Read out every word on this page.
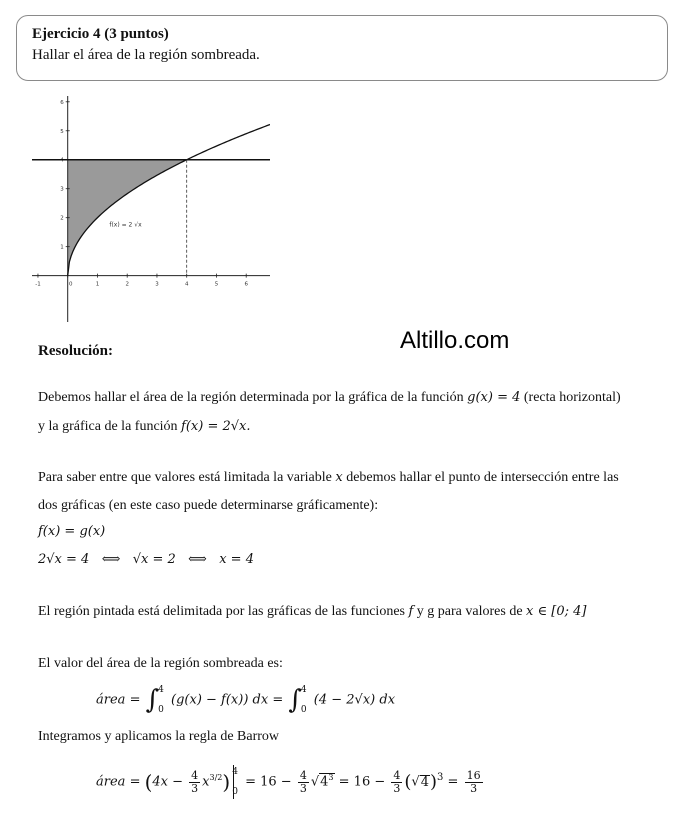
Ejercicio 4 (3 puntos)
Hallar el área de la región sombreada.
-1	0	1	2	3	4	5	6
1
2
3
4
5
6
f(x) = 2 √x
Altillo.com
Resolución:
Debemos hallar el área de la región determinada por la gráfica de la función g(x) = 4 (recta horizontal)
y la gráfica de la función f(x) = 2√x.
Para saber entre que valores está limitada la variable x debemos hallar el punto de intersección entre las
dos gráficas (en este caso puede determinarse gráficamente):
f(x) = g(x)
2√x = 4   ⟺   √x = 2   ⟺   x = 4
El región pintada está delimitada por las gráficas de las funciones f y g para valores de x ∈ [0; 4]
El valor del área de la región sombreada es:
área = ∫ 4
0
(g(x) − f(x)) dx = ∫ 4
0
(4 − 2√x) dx
Integramos y aplicamos la regla de Barrow
área = $(4x - \frac{4}{3} x^{3/2})$ 4
0
= $16 - \frac{4}{3} √4^3 = 16 - \frac{4}{3} (√4)^3 = \frac{16}{3}$
